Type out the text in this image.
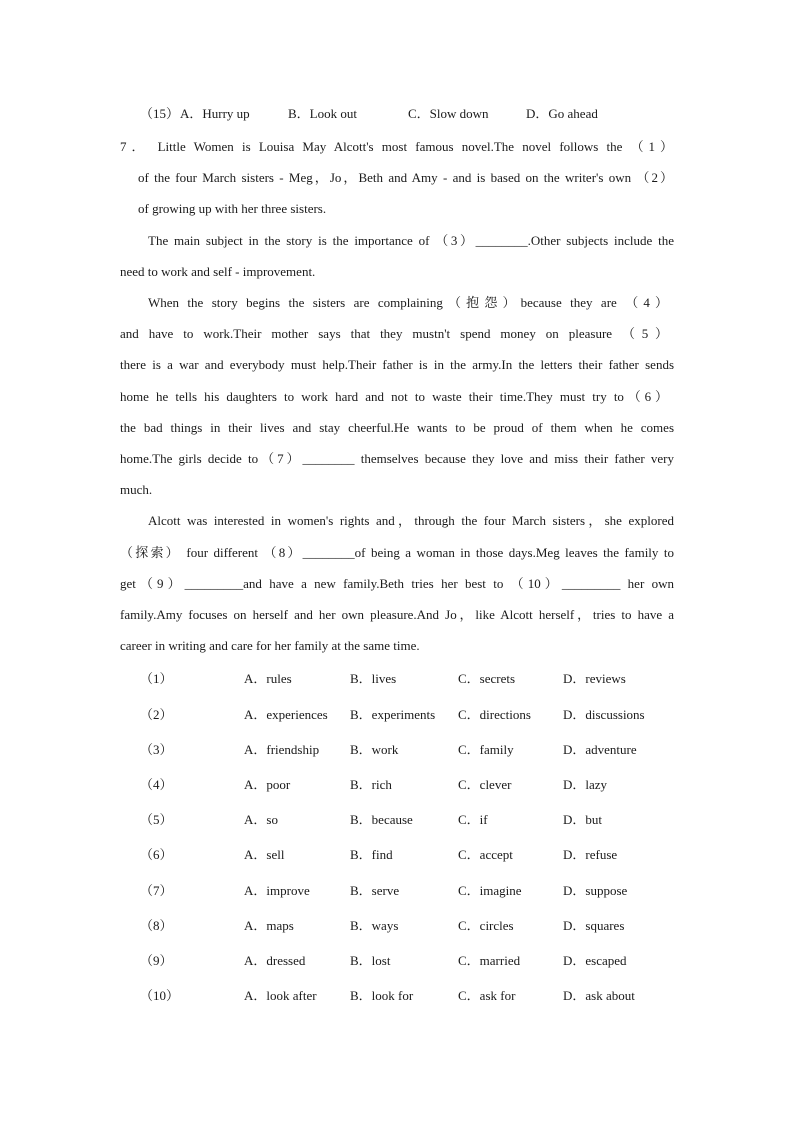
（15） A．Hurry up	B．Look out	C．Slow down	D．Go ahead
7． Little Women is Louisa May Alcott's most famous novel.The novel follows the （1）
of the four March sisters - Meg，Jo，Beth and Amy - and is based on the writer's own （2）
of growing up with her three sisters.
The main subject in the story is the importance of （3）________.Other subjects include the
need to work and self - improvement.
When the story begins the sisters are complaining（抱怨）because they are （4）
and have to work.Their mother says that they mustn't spend money on pleasure （5）
there is a war and everybody must help.Their father is in the army.In the letters their father sends
home he tells his daughters to work hard and not to waste their time.They must try to（6）
the bad things in their lives and stay cheerful.He wants to be proud of them when he comes
home.The girls decide to（7）________ themselves because they love and miss their father very
much.
Alcott was interested in women's rights and，through the four March sisters，she explored
（探索） four different （8）________of being a woman in those days.Meg leaves the family to
get（9）_________and have a new family.Beth tries her best to （10）_________ her own
family.Amy focuses on herself and her own pleasure.And Jo，like Alcott herself，tries to have a
career in writing and care for her family at the same time.
（1）	A．rules	B．lives	C．secrets	D．reviews
（2）	A．experiences B．experiments C．directions D．discussions
（3）	A．friendship B．work	C．family	D．adventure
（4）	A．poor	B．rich	C．clever	D．lazy
（5）	A．so	B．because	C．if	D．but
（6）	A．sell	B．find	C．accept	D．refuse
（7）	A．improve	B．serve	C．imagine	D．suppose
（8）	A．maps	B．ways	C．circles	D．squares
（9）	A．dressed	B．lost	C．married	D．escaped
（10）	A．look after	B．look for	C．ask for	D．ask about
